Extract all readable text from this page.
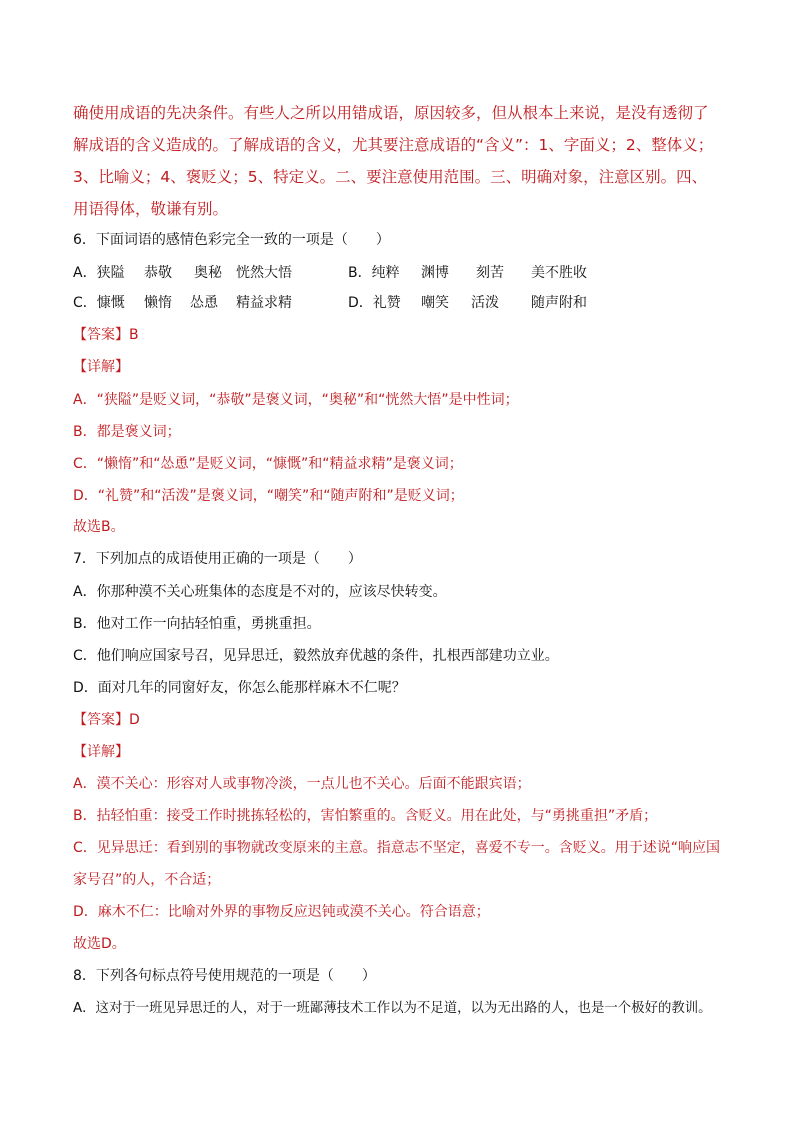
确使用成语的先决条件。有些人之所以用错成语，原因较多，但从根本上来说，是没有透彻了
解成语的含义造成的。了解成语的含义，尤其要注意成语的“含义”：1、字面义；2、整体义；
3、比喻义；4、褒贬义；5、特定义。二、要注意使用范围。三、明确对象，注意区别。四、
用语得体，敬谦有别。
6．下面词语的感情色彩完全一致的一项是（　　）
A．狭隘 恭敬 奥秘 恍然大悟	B．纯粹 渊博 刻苦 美不胜收
C．慷慨 懒惰 怂恿 精益求精	D．礼赞 嘲笑 活泼 随声附和
【答案】B
【详解】
A．“狭隘”是贬义词，“恭敬”是褒义词，“奥秘”和“恍然大悟”是中性词；
B．都是褒义词；
C．“懒惰”和“怂恿”是贬义词，“慷慨”和“精益求精”是褒义词；
D．“礼赞”和“活泼”是褒义词，“嘲笑”和“随声附和”是贬义词；
故选B。
7．下列加点的成语使用正确的一项是（　　）
A．你那种漠不关心班集体的态度是不对的，应该尽快转变。
B．他对工作一向拈轻怕重，勇挑重担。
C．他们响应国家号召，见异思迁，毅然放弃优越的条件，扎根西部建功立业。
D．面对几年的同窗好友，你怎么能那样麻木不仁呢？
【答案】D
【详解】
A．漠不关心：形容对人或事物冷淡，一点儿也不关心。后面不能跟宾语；
B．拈轻怕重：接受工作时挑拣轻松的，害怕繁重的。含贬义。用在此处，与“勇挑重担”矛盾；
C．见异思迁：看到别的事物就改变原来的主意。指意志不坚定，喜爱不专一。含贬义。用于述说“响应国
家号召”的人，不合适；
D．麻木不仁：比喻对外界的事物反应迟钝或漠不关心。符合语意；
故选D。
8．下列各句标点符号使用规范的一项是（　　）
A．这对于一班见异思迁的人，对于一班鄙薄技术工作以为不足道，以为无出路的人，也是一个极好的教训。
